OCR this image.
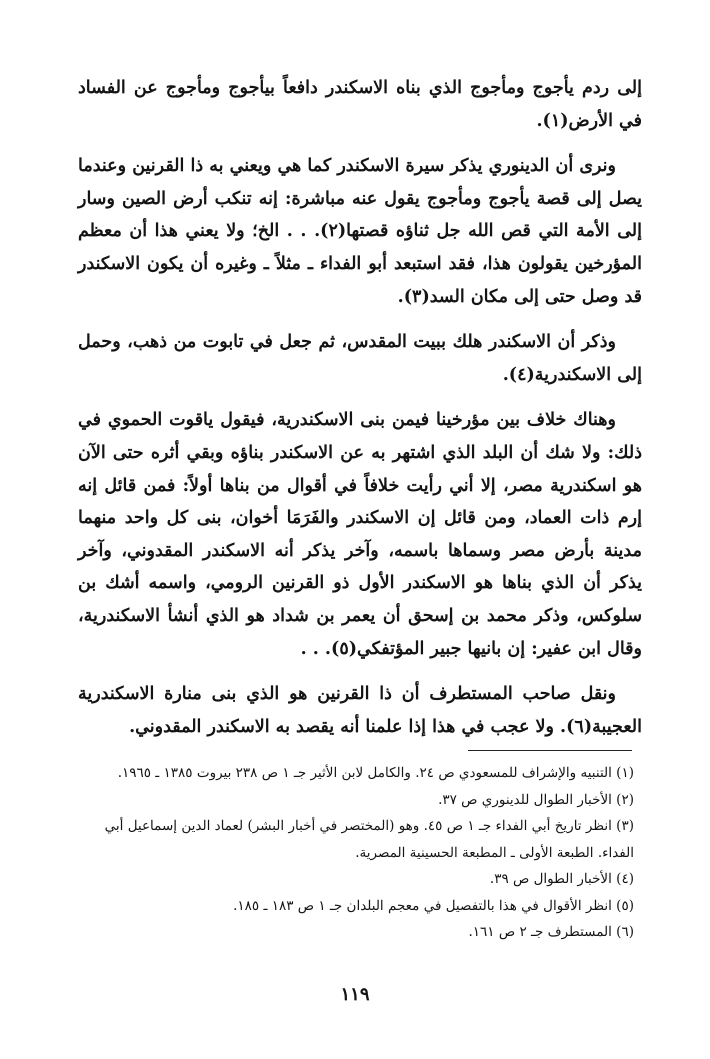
إلى ردم يأجوج ومأجوج الذي بناه الاسكندر دافعاً بيأجوج ومأجوج عن الفساد في الأرض(١).

ونرى أن الدينوري يذكر سيرة الاسكندر كما هي ويعني به ذا القرنين وعندما يصل إلى قصة يأجوج ومأجوج يقول عنه مباشرة: إنه تنكب أرض الصين وسار إلى الأمة التي قص الله جل ثناؤه قصتها(٢). . . الخ؛ ولا يعني هذا أن معظم المؤرخين يقولون هذا، فقد استبعد أبو الفداء ـ مثلاً ـ وغيره أن يكون الاسكندر قد وصل حتى إلى مكان السد(٣).

وذكر أن الاسكندر هلك ببيت المقدس، ثم جعل في تابوت من ذهب، وحمل إلى الاسكندرية(٤).

وهناك خلاف بين مؤرخينا فيمن بنى الاسكندرية، فيقول ياقوت الحموي في ذلك: ولا شك أن البلد الذي اشتهر به عن الاسكندر بناؤه وبقي أثره حتى الآن هو اسكندرية مصر، إلا أني رأيت خلافاً في أقوال من بناها أولاً: فمن قائل إنه إرم ذات العماد، ومن قائل إن الاسكندر والفَرَمَا أخوان، بنى كل واحد منهما مدينة بأرض مصر وسماها باسمه، وآخر يذكر أنه الاسكندر المقدوني، وآخر يذكر أن الذي بناها هو الاسكندر الأول ذو القرنين الرومي، واسمه أشك بن سلوكس، وذكر محمد بن إسحق أن يعمر بن شداد هو الذي أنشأ الاسكندرية، وقال ابن عفير: إن بانيها جبير المؤتفكي(٥). . .

ونقل صاحب المستطرف أن ذا القرنين هو الذي بنى منارة الاسكندرية العجيبة(٦). ولا عجب في هذا إذا علمنا أنه يقصد به الاسكندر المقدوني.

(١) التنبيه والإشراف للمسعودي ص ٢٤. والكامل لابن الأثير جـ ١ ص ٢٣٨ بيروت ١٣٨٥ ـ ١٩٦٥.

(٢) الأخبار الطوال للدينوري ص ٣٧.

(٣) انظر تاريخ أبي الفداء جـ ١ ص ٤٥. وهو (المختصر في أخبار البشر) لعماد الدين إسماعيل أبي الفداء. الطبعة الأولى ـ المطبعة الحسينية المصرية.

(٤) الأخبار الطوال ص ٣٩.

(٥) انظر الأقوال في هذا بالتفصيل في معجم البلدان جـ ١ ص ١٨٣ ـ ١٨٥.

(٦) المستطرف جـ ٢ ص ١٦١.

١١٩
